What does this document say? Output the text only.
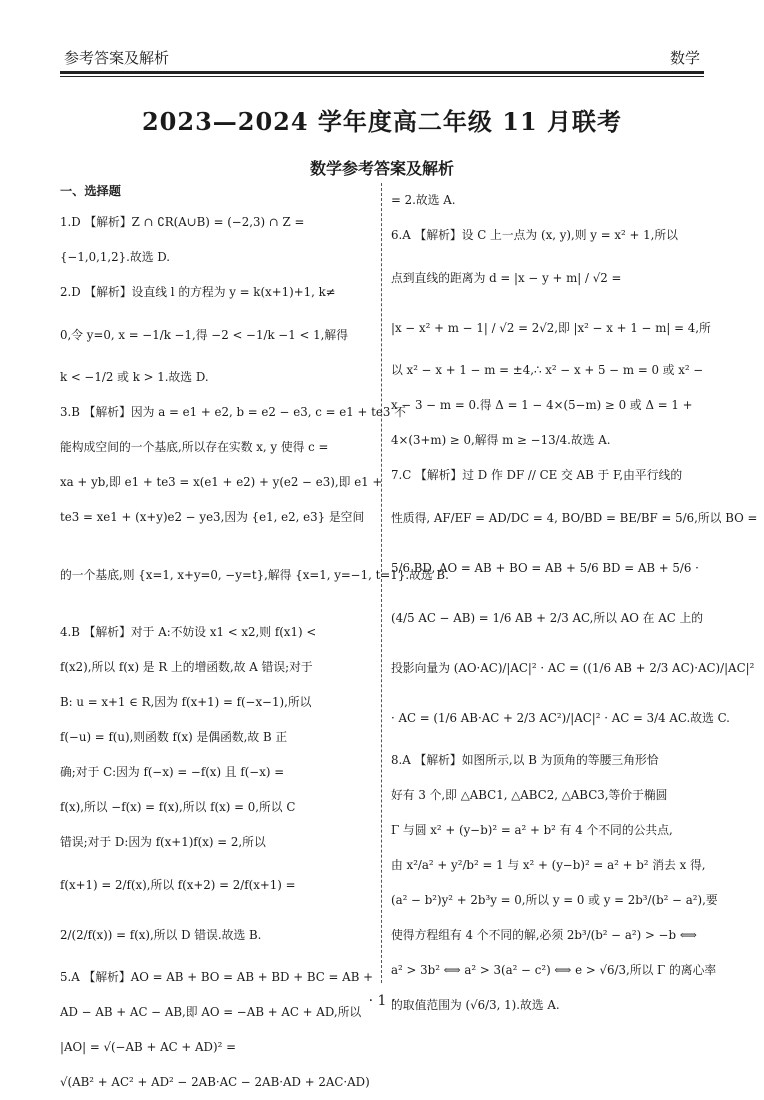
参考答案及解析	数学
2023—2024 学年度高二年级 11 月联考
数学参考答案及解析
一、选择题
1.D 【解析】Z ∩ ∁R(A∪B) = (−2,3) ∩ Z =
{−1,0,1,2}.故选 D.
2.D 【解析】设直线 l 的方程为 y = k(x+1)+1, k≠
0,令 y=0, x = −1/k −1,得 −2 < −1/k −1 < 1,解得
k < −1/2 或 k > 1.故选 D.
3.B 【解析】因为 a = e1 + e2, b = e2 − e3, c = e1 + te3 不
能构成空间的一个基底,所以存在实数 x, y 使得 c =
xa + yb,即 e1 + te3 = x(e1 + e2) + y(e2 − e3),即 e1 +
te3 = xe1 + (x+y)e2 − ye3,因为 {e1, e2, e3} 是空间
的一个基底,则 {x=1, x+y=0, −y=t},解得 {x=1, y=−1, t=1}.故选 B.
4.B 【解析】对于 A:不妨设 x1 < x2,则 f(x1) <
f(x2),所以 f(x) 是 R 上的增函数,故 A 错误;对于
B: u = x+1 ∈ R,因为 f(x+1) = f(−x−1),所以
f(−u) = f(u),则函数 f(x) 是偶函数,故 B 正
确;对于 C:因为 f(−x) = −f(x) 且 f(−x) =
f(x),所以 −f(x) = f(x),所以 f(x) = 0,所以 C
错误;对于 D:因为 f(x+1)f(x) = 2,所以
f(x+1) = 2/f(x),所以 f(x+2) = 2/f(x+1) =
2/(2/f(x)) = f(x),所以 D 错误.故选 B.
5.A 【解析】AO = AB + BO = AB + BD + BC = AB +
AD − AB + AC − AB,即 AO = −AB + AC + AD,所以
|AO| = √(−AB + AC + AD)² =
√(AB² + AC² + AD² − 2AB·AC − 2AB·AD + 2AC·AD)
= 2.故选 A.
6.A 【解析】设 C 上一点为 (x, y),则 y = x² + 1,所以
点到直线的距离为 d = |x − y + m| / √2 =
|x − x² + m − 1| / √2 = 2√2,即 |x² − x + 1 − m| = 4,所
以 x² − x + 1 − m = ±4,∴ x² − x + 5 − m = 0 或 x² −
x − 3 − m = 0.得 Δ = 1 − 4×(5−m) ≥ 0 或 Δ = 1 +
4×(3+m) ≥ 0,解得 m ≥ −13/4.故选 A.
7.C 【解析】过 D 作 DF // CE 交 AB 于 F,由平行线的
性质得, AF/EF = AD/DC = 4, BO/BD = BE/BF = 5/6,所以 BO =
5/6 BD, AO = AB + BO = AB + 5/6 BD = AB + 5/6 ·
(4/5 AC − AB) = 1/6 AB + 2/3 AC,所以 AO 在 AC 上的
投影向量为 (AO·AC)/|AC|² · AC = ((1/6 AB + 2/3 AC)·AC)/|AC|²
· AC = (1/6 AB·AC + 2/3 AC²)/|AC|² · AC = 3/4 AC.故选 C.
8.A 【解析】如图所示,以 B 为顶角的等腰三角形恰
好有 3 个,即 △ABC1, △ABC2, △ABC3,等价于椭圆
Γ 与圆 x² + (y−b)² = a² + b² 有 4 个不同的公共点,
由 x²/a² + y²/b² = 1 与 x² + (y−b)² = a² + b² 消去 x 得,
(a² − b²)y² + 2b³y = 0,所以 y = 0 或 y = 2b³/(b² − a²),要
使得方程组有 4 个不同的解,必须 2b³/(b² − a²) > −b ⟺
a² > 3b² ⟺ a² > 3(a² − c²) ⟺ e > √6/3,所以 Γ 的离心率
的取值范围为 (√6/3, 1).故选 A.
· 1 ·
